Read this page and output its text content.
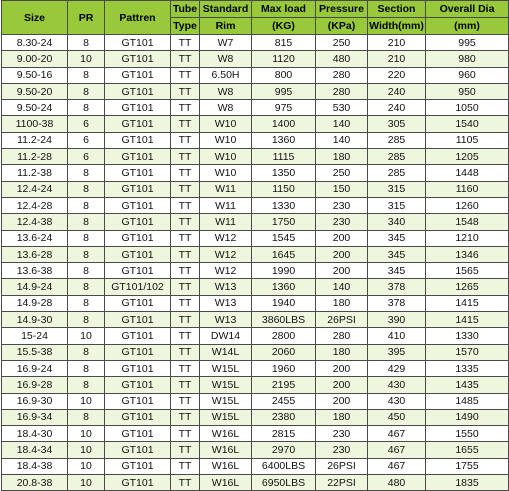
Size	PR	Pattren	Tube	Standard	Max load	Pressure	Section	Overall Dia
			Type	Rim	(KG)	(KPa)	Width(mm)	(mm)
8.30-24	8	GT101	TT	W7	815	250	210	995
9.00-20	10	GT101	TT	W8	1120	480	210	980
9.50-16	8	GT101	TT	6.50H	800	280	220	960
9.50-20	8	GT101	TT	W8	995	280	240	950
9.50-24	8	GT101	TT	W8	975	530	240	1050
1100-38	6	GT101	TT	W10	1400	140	305	1540
11.2-24	6	GT101	TT	W10	1360	140	285	1105
11.2-28	6	GT101	TT	W10	1115	180	285	1205
11.2-38	8	GT101	TT	W10	1350	250	285	1448
12.4-24	8	GT101	TT	W11	1150	150	315	1160
12.4-28	8	GT101	TT	W11	1330	230	315	1260
12.4-38	8	GT101	TT	W11	1750	230	340	1548
13.6-24	8	GT101	TT	W12	1545	200	345	1210
13.6-28	8	GT101	TT	W12	1645	200	345	1346
13.6-38	8	GT101	TT	W12	1990	200	345	1565
14.9-24	8	GT101/102	TT	W13	1360	140	378	1265
14.9-28	8	GT101	TT	W13	1940	180	378	1415
14.9-30	8	GT101	TT	W13	3860LBS	26PSI	390	1415
15-24	10	GT101	TT	DW14	2800	280	410	1330
15.5-38	8	GT101	TT	W14L	2060	180	395	1570
16.9-24	8	GT101	TT	W15L	1960	200	429	1335
16.9-28	8	GT101	TT	W15L	2195	200	430	1435
16.9-30	10	GT101	TT	W15L	2455	200	430	1485
16.9-34	8	GT101	TT	W15L	2380	180	450	1490
18.4-30	10	GT101	TT	W16L	2815	230	467	1550
18.4-34	10	GT101	TT	W16L	2970	230	467	1655
18.4-38	10	GT101	TT	W16L	6400LBS	26PSI	467	1755
20.8-38	10	GT101	TT	W16L	6950LBS	22PSI	480	1835
